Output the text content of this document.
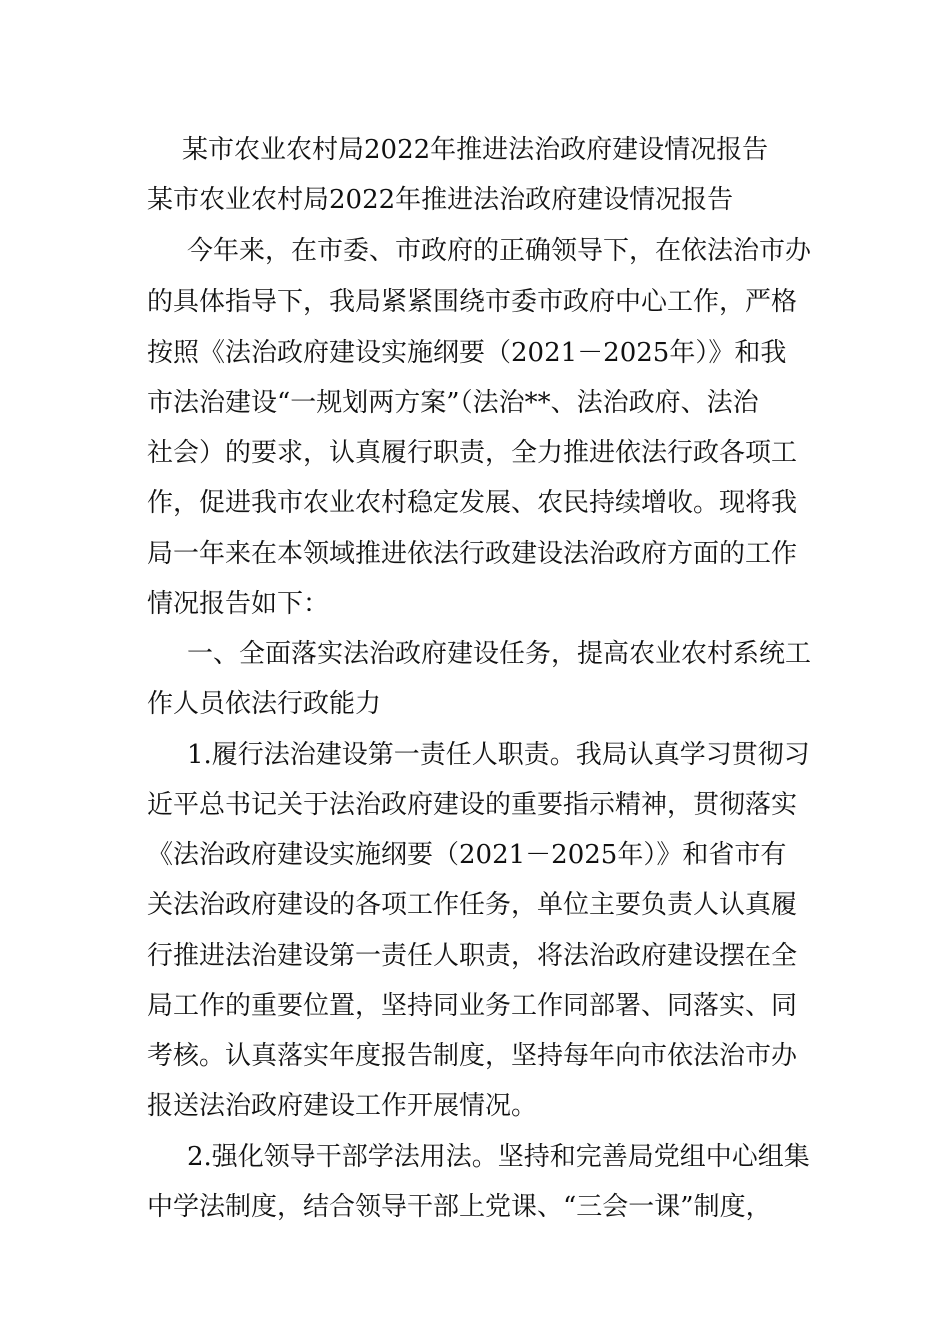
某市农业农村局2022年推进法治政府建设情况报告
某市农业农村局2022年推进法治政府建设情况报告
今年来，在市委、市政府的正确领导下，在依法治市办
的具体指导下，我局紧紧围绕市委市政府中心工作，严格
按照《法治政府建设实施纲要（2021－2025年）》和我
市法治建设“一规划两方案”（法治**、法治政府、法治
社会）的要求，认真履行职责，全力推进依法行政各项工
作，促进我市农业农村稳定发展、农民持续增收。现将我
局一年来在本领域推进依法行政建设法治政府方面的工作
情况报告如下：
一、全面落实法治政府建设任务，提高农业农村系统工
作人员依法行政能力
1.履行法治建设第一责任人职责。我局认真学习贯彻习
近平总书记关于法治政府建设的重要指示精神，贯彻落实
《法治政府建设实施纲要（2021－2025年）》和省市有
关法治政府建设的各项工作任务，单位主要负责人认真履
行推进法治建设第一责任人职责，将法治政府建设摆在全
局工作的重要位置，坚持同业务工作同部署、同落实、同
考核。认真落实年度报告制度，坚持每年向市依法治市办
报送法治政府建设工作开展情况。
2.强化领导干部学法用法。坚持和完善局党组中心组集
中学法制度，结合领导干部上党课、“三会一课”制度，
